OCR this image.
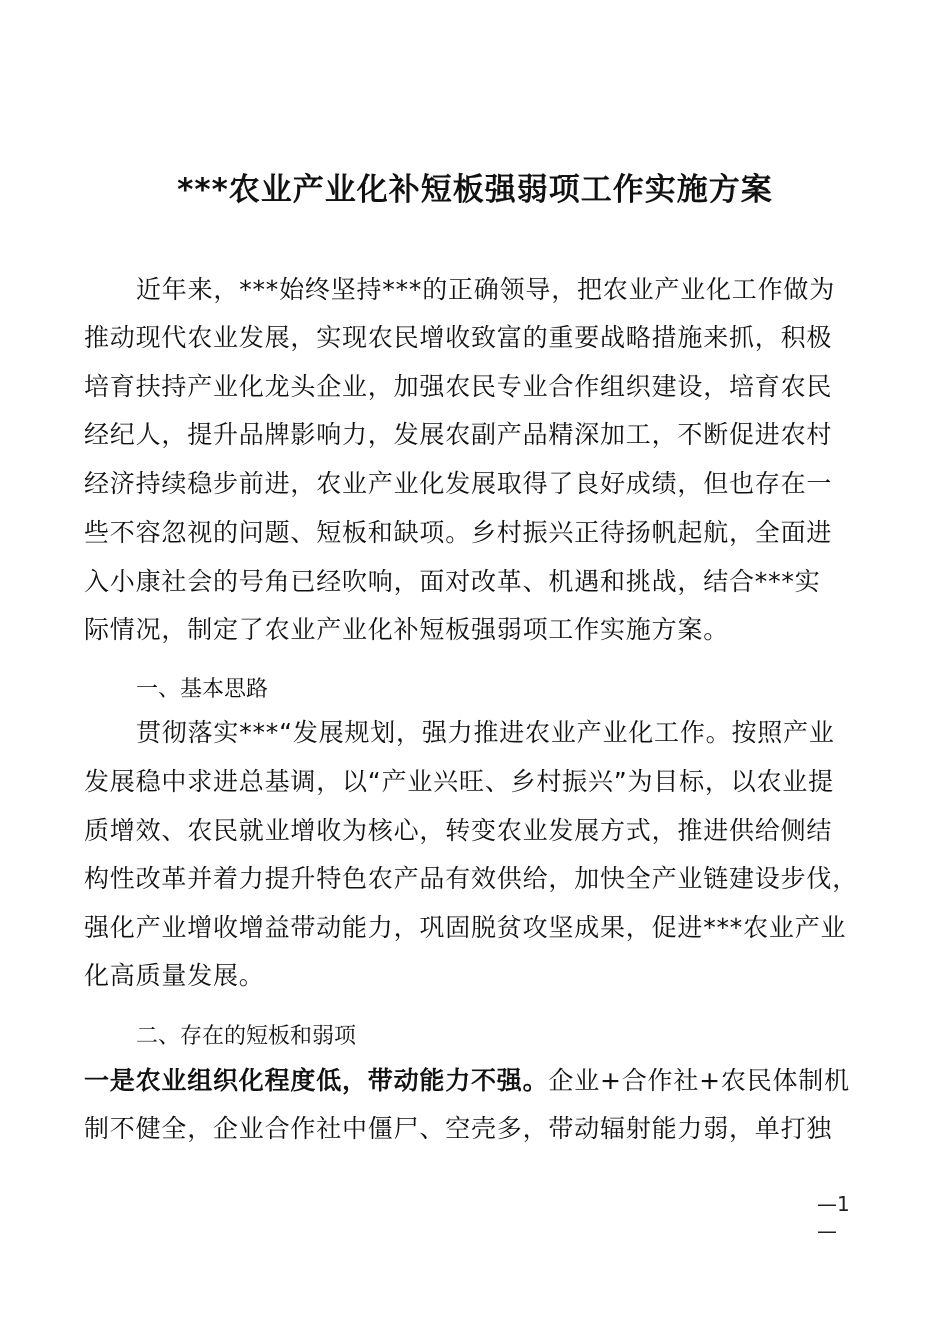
***农业产业化补短板强弱项工作实施方案
近年来，***始终坚持***的正确领导，把农业产业化工作做为
推动现代农业发展，实现农民增收致富的重要战略措施来抓，积极
培育扶持产业化龙头企业，加强农民专业合作组织建设，培育农民
经纪人，提升品牌影响力，发展农副产品精深加工，不断促进农村
经济持续稳步前进，农业产业化发展取得了良好成绩，但也存在一
些不容忽视的问题、短板和缺项。乡村振兴正待扬帆起航，全面进
入小康社会的号角已经吹响，面对改革、机遇和挑战，结合***实
际情况，制定了农业产业化补短板强弱项工作实施方案。
一、基本思路
贯彻落实***“发展规划，强力推进农业产业化工作。按照产业
发展稳中求进总基调，以“产业兴旺、乡村振兴”为目标，以农业提
质增效、农民就业增收为核心，转变农业发展方式，推进供给侧结
构性改革并着力提升特色农产品有效供给，加快全产业链建设步伐，
强化产业增收增益带动能力，巩固脱贫攻坚成果，促进***农业产业
化高质量发展。
二、存在的短板和弱项
一是农业组织化程度低，带动能力不强。企业+合作社+农民体制机
制不健全，企业合作社中僵尸、空壳多，带动辐射能力弱，单打独
—1
—
